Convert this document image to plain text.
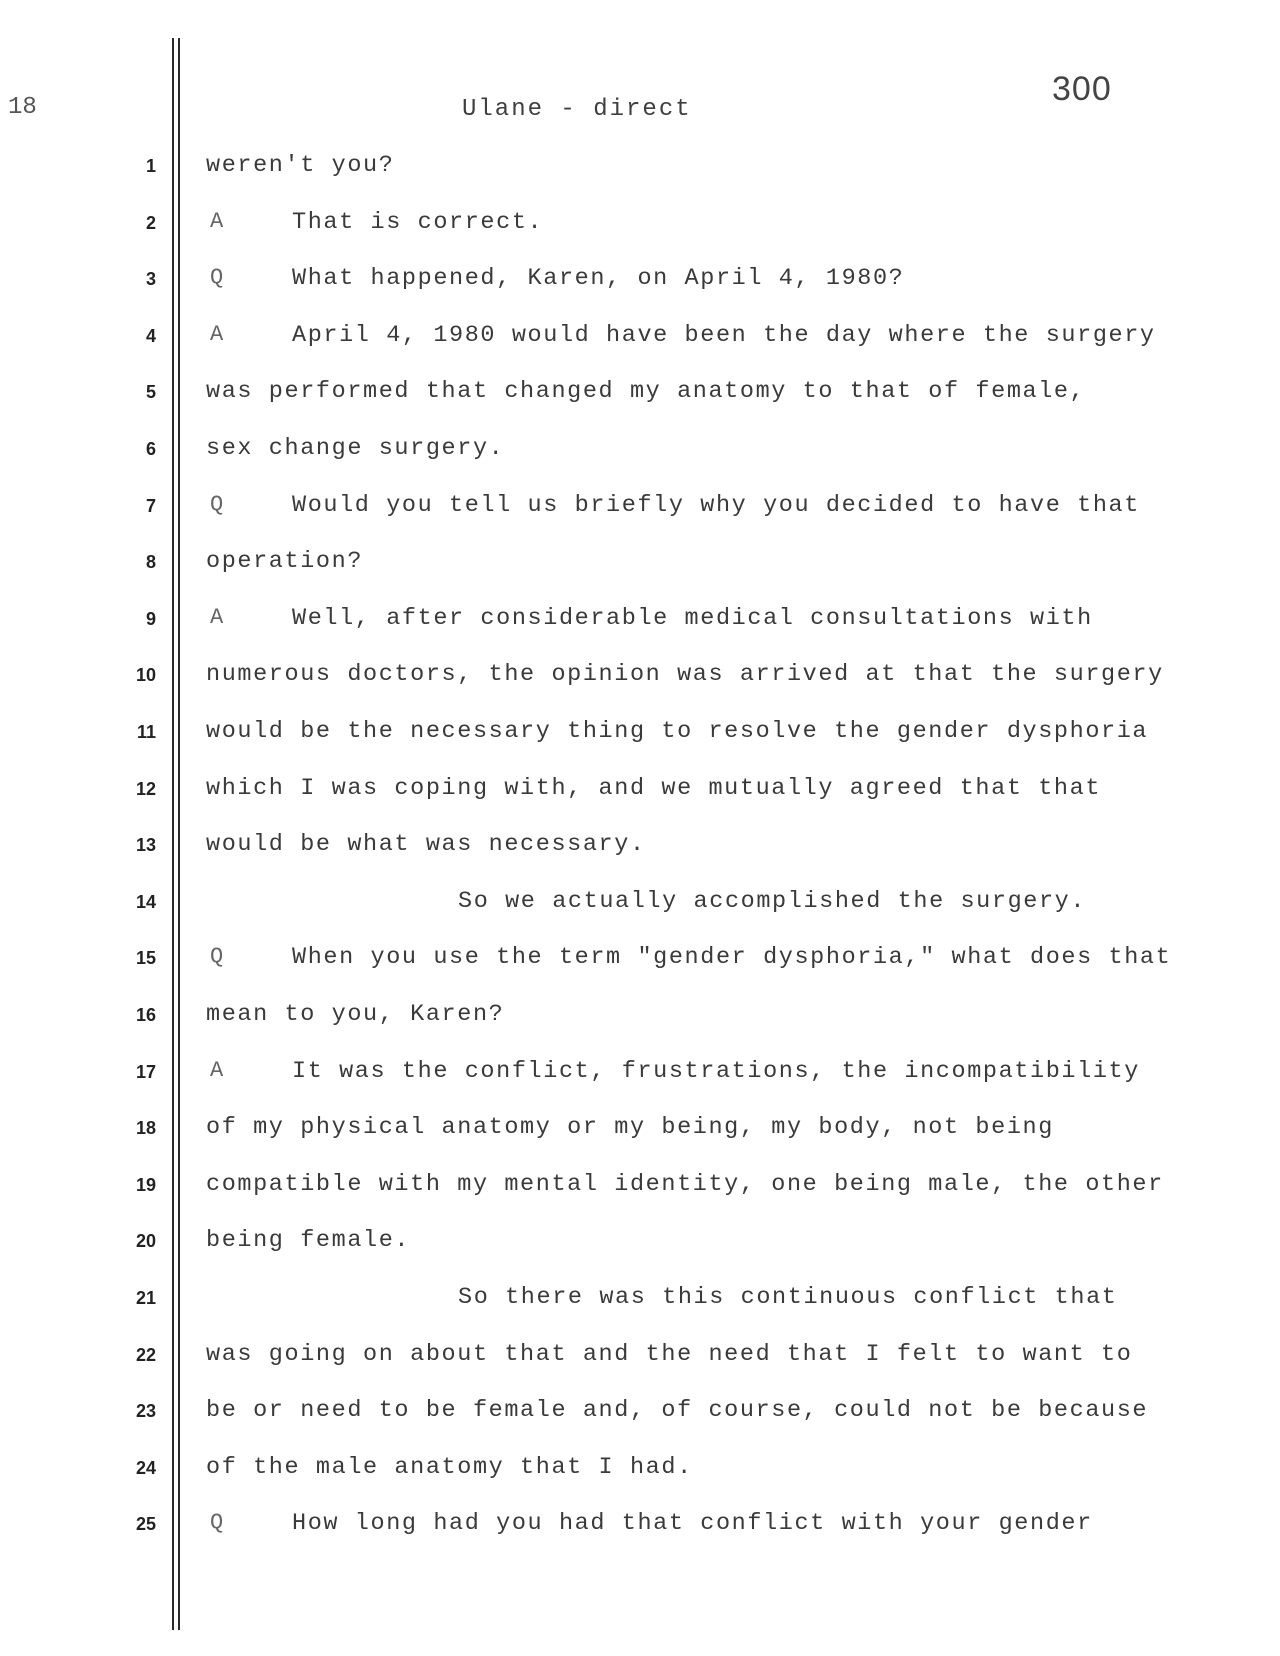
18	300
Ulane - direct
1 weren't you?
2 A	That is correct.
3 Q	What happened, Karen, on April 4, 1980?
4 A	April 4, 1980 would have been the day where the surgery
5 was performed that changed my anatomy to that of female,
6 sex change surgery.
7 Q	Would you tell us briefly why you decided to have that
8 operation?
9 A	Well, after considerable medical consultations with
10 numerous doctors, the opinion was arrived at that the surgery
11 would be the necessary thing to resolve the gender dysphoria
12 which I was coping with, and we mutually agreed that that
13 would be what was necessary.
14	So we actually accomplished the surgery.
15 Q	When you use the term "gender dysphoria," what does that
16 mean to you, Karen?
17 A	It was the conflict, frustrations, the incompatibility
18 of my physical anatomy or my being, my body, not being
19 compatible with my mental identity, one being male, the other
20 being female.
21	So there was this continuous conflict that
22 was going on about that and the need that I felt to want to
23 be or need to be female and, of course, could not be because
24 of the male anatomy that I had.
25 Q	How long had you had that conflict with your gender
